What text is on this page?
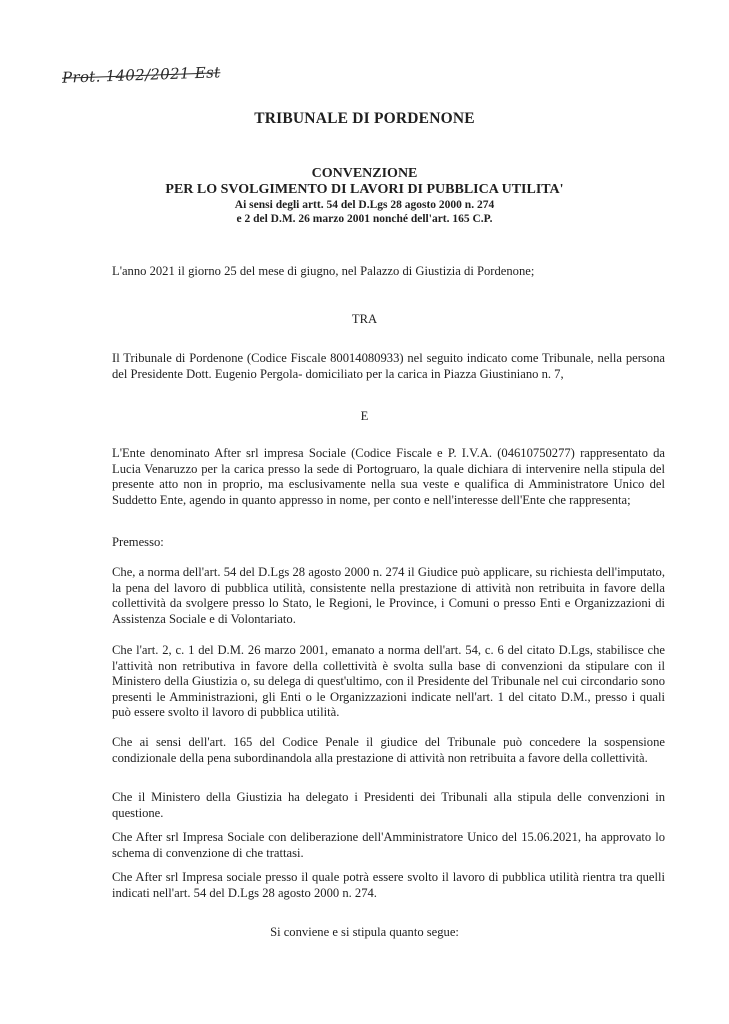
Prot. 1402/2021 Est
TRIBUNALE DI PORDENONE
CONVENZIONE
PER LO SVOLGIMENTO DI LAVORI DI PUBBLICA UTILITA'
Ai sensi degli artt. 54 del D.Lgs 28 agosto 2000 n. 274
e 2 del D.M. 26 marzo 2001 nonché dell'art. 165 C.P.

L'anno 2021 il giorno 25 del mese di giugno, nel Palazzo di Giustizia di Pordenone;

TRA

Il Tribunale di Pordenone (Codice Fiscale 80014080933) nel seguito indicato come Tribunale, nella persona del Presidente Dott. Eugenio Pergola- domiciliato per la carica in Piazza Giustiniano n. 7,

E

L'Ente denominato After srl impresa Sociale (Codice Fiscale e P. I.V.A. (04610750277) rappresentato da Lucia Venaruzzo per la carica presso la sede di Portogruaro, la quale dichiara di intervenire nella stipula del presente atto non in proprio, ma esclusivamente nella sua veste e qualifica di Amministratore Unico del Suddetto Ente, agendo in quanto appresso in nome, per conto e nell'interesse dell'Ente che rappresenta;

Premesso:

Che, a norma dell'art. 54 del D.Lgs 28 agosto 2000 n. 274 il Giudice può applicare, su richiesta dell'imputato, la pena del lavoro di pubblica utilità, consistente nella prestazione di attività non retribuita in favore della collettività da svolgere presso lo Stato, le Regioni, le Province, i Comuni o presso Enti e Organizzazioni di Assistenza Sociale e di Volontariato.

Che l'art. 2, c. 1 del D.M. 26 marzo 2001, emanato a norma dell'art. 54, c. 6 del citato D.Lgs, stabilisce che l'attività non retributiva in favore della collettività è svolta sulla base di convenzioni da stipulare con il Ministero della Giustizia o, su delega di quest'ultimo, con il Presidente del Tribunale nel cui circondario sono presenti le Amministrazioni, gli Enti o le Organizzazioni indicate nell'art. 1 del citato D.M., presso i quali può essere svolto il lavoro di pubblica utilità.

Che ai sensi dell'art. 165 del Codice Penale il giudice del Tribunale può concedere la sospensione condizionale della pena subordinandola alla prestazione di attività non retribuita a favore della collettività.

Che il Ministero della Giustizia ha delegato i Presidenti dei Tribunali alla stipula delle convenzioni in questione.

Che After srl Impresa Sociale con deliberazione dell'Amministratore Unico del 15.06.2021, ha approvato lo schema di convenzione di che trattasi.

Che After srl Impresa sociale presso il quale potrà essere svolto il lavoro di pubblica utilità rientra tra quelli indicati nell'art. 54 del D.Lgs 28 agosto 2000 n. 274.

Si conviene e si stipula quanto segue:
